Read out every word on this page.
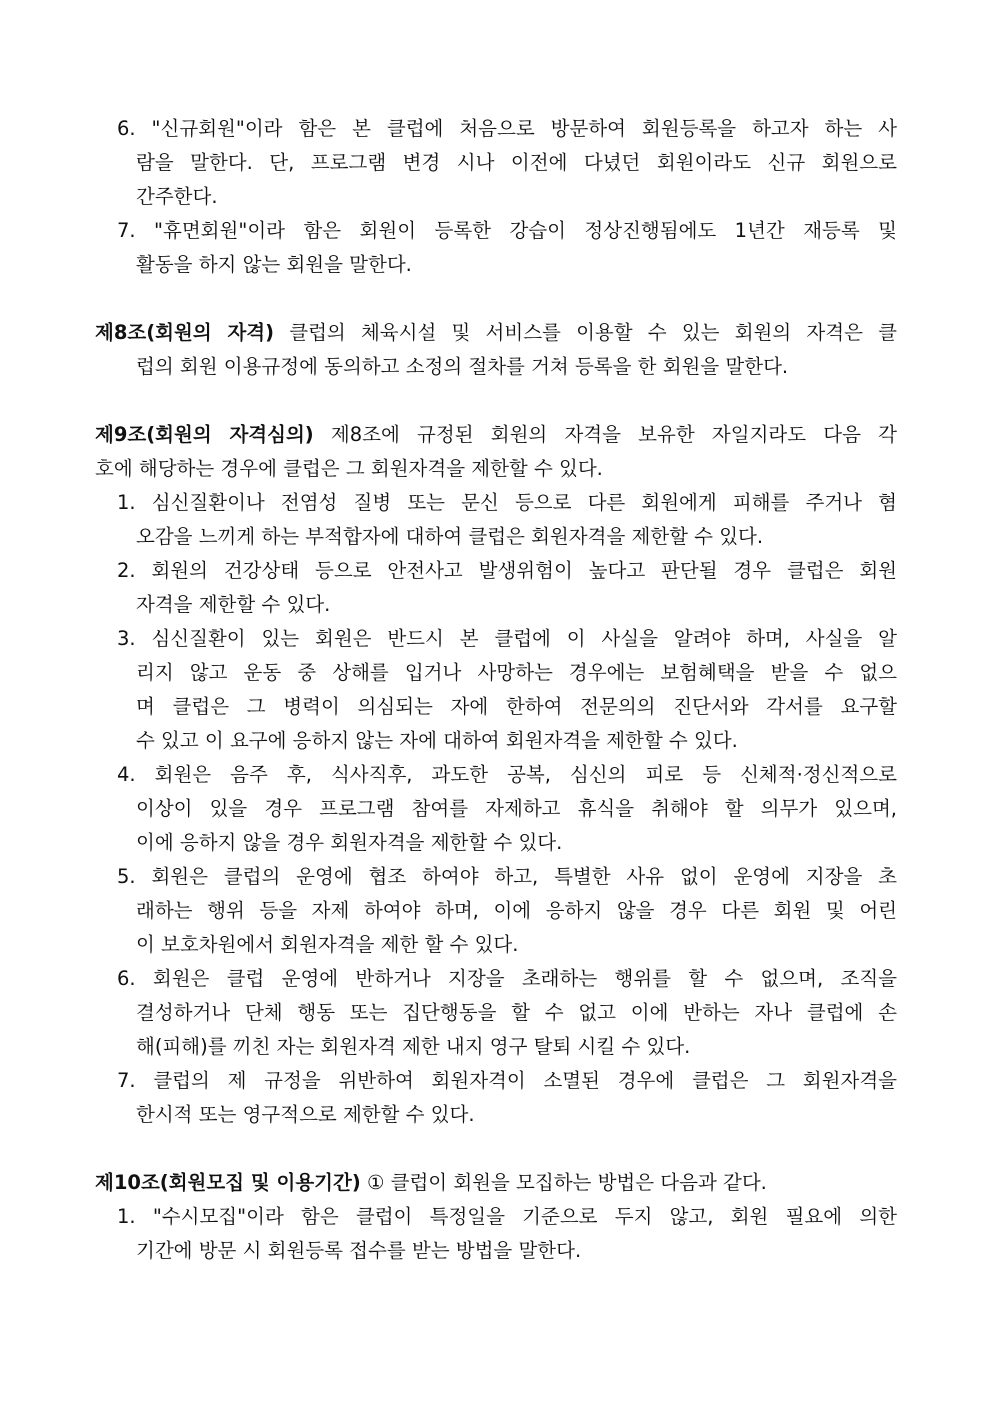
6. "신규회원"이라 함은 본 클럽에 처음으로 방문하여 회원등록을 하고자 하는 사
람을 말한다. 단, 프로그램 변경 시나 이전에 다녔던 회원이라도 신규 회원으로
간주한다.
7. "휴면회원"이라 함은 회원이 등록한 강습이 정상진행됨에도 1년간 재등록 및
활동을 하지 않는 회원을 말한다.
제8조(회원의 자격) 클럽의 체육시설 및 서비스를 이용할 수 있는 회원의 자격은 클
럽의 회원 이용규정에 동의하고 소정의 절차를 거쳐 등록을 한 회원을 말한다.
제9조(회원의 자격심의) 제8조에 규정된 회원의 자격을 보유한 자일지라도 다음 각
호에 해당하는 경우에 클럽은 그 회원자격을 제한할 수 있다.
1. 심신질환이나 전염성 질병 또는 문신 등으로 다른 회원에게 피해를 주거나 혐
오감을 느끼게 하는 부적합자에 대하여 클럽은 회원자격을 제한할 수 있다.
2. 회원의 건강상태 등으로 안전사고 발생위험이 높다고 판단될 경우 클럽은 회원
자격을 제한할 수 있다.
3. 심신질환이 있는 회원은 반드시 본 클럽에 이 사실을 알려야 하며, 사실을 알
리지 않고 운동 중 상해를 입거나 사망하는 경우에는 보험혜택을 받을 수 없으
며 클럽은 그 병력이 의심되는 자에 한하여 전문의의 진단서와 각서를 요구할
수 있고 이 요구에 응하지 않는 자에 대하여 회원자격을 제한할 수 있다.
4. 회원은 음주 후, 식사직후, 과도한 공복, 심신의 피로 등 신체적·정신적으로
이상이 있을 경우 프로그램 참여를 자제하고 휴식을 취해야 할 의무가 있으며,
이에 응하지 않을 경우 회원자격을 제한할 수 있다.
5. 회원은 클럽의 운영에 협조 하여야 하고, 특별한 사유 없이 운영에 지장을 초
래하는 행위 등을 자제 하여야 하며, 이에 응하지 않을 경우 다른 회원 및 어린
이 보호차원에서 회원자격을 제한 할 수 있다.
6. 회원은 클럽 운영에 반하거나 지장을 초래하는 행위를 할 수 없으며, 조직을
결성하거나 단체 행동 또는 집단행동을 할 수 없고 이에 반하는 자나 클럽에 손
해(피해)를 끼친 자는 회원자격 제한 내지 영구 탈퇴 시킬 수 있다.
7. 클럽의 제 규정을 위반하여 회원자격이 소멸된 경우에 클럽은 그 회원자격을
한시적 또는 영구적으로 제한할 수 있다.
제10조(회원모집 및 이용기간) ① 클럽이 회원을 모집하는 방법은 다음과 같다.
1. "수시모집"이라 함은 클럽이 특정일을 기준으로 두지 않고, 회원 필요에 의한
기간에 방문 시 회원등록 접수를 받는 방법을 말한다.
